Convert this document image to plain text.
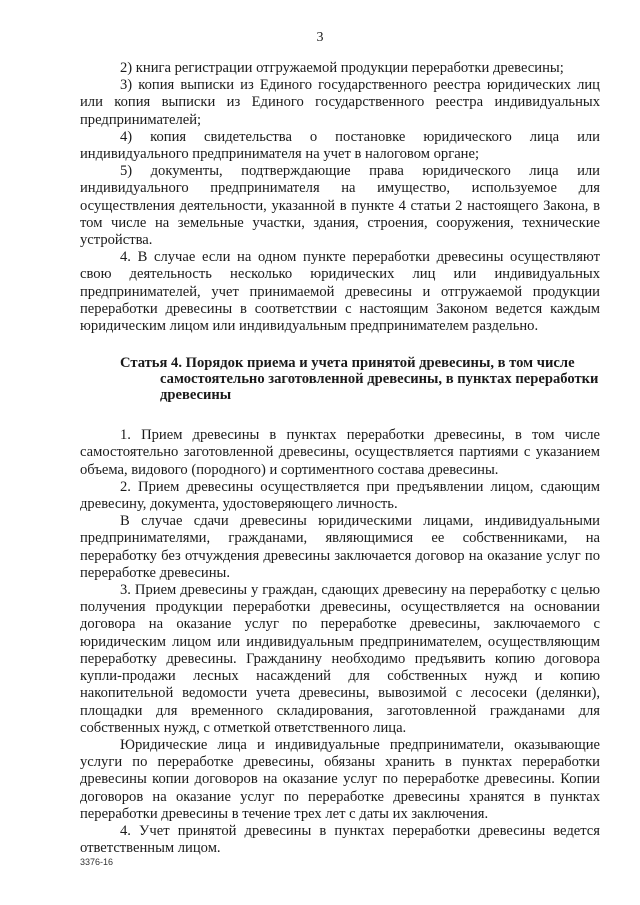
3

2) книга регистрации отгружаемой продукции переработки древесины;

3) копия выписки из Единого государственного реестра юридических лиц или копия выписки из Единого государственного реестра индивидуальных предпринимателей;

4) копия свидетельства о постановке юридического лица или индивидуального предпринимателя на учет в налоговом органе;

5) документы, подтверждающие права юридического лица или индивидуального предпринимателя на имущество, используемое для осуществления деятельности, указанной в пункте 4 статьи 2 настоящего Закона, в том числе на земельные участки, здания, строения, сооружения, технические устройства.

4. В случае если на одном пункте переработки древесины осуществляют свою деятельность несколько юридических лиц или индивидуальных предпринимателей, учет принимаемой древесины и отгружаемой продукции переработки древесины в соответствии с настоящим Законом ведется каждым юридическим лицом или индивидуальным предпринимателем раздельно.

Статья 4. Порядок приема и учета принятой древесины, в том числе
самостоятельно заготовленной древесины, в пунктах переработки древесины

1. Прием древесины в пунктах переработки древесины, в том числе самостоятельно заготовленной древесины, осуществляется партиями с указанием объема, видового (породного) и сортиментного состава древесины.

2. Прием древесины осуществляется при предъявлении лицом, сдающим древесину, документа, удостоверяющего личность.

В случае сдачи древесины юридическими лицами, индивидуальными предпринимателями, гражданами, являющимися ее собственниками, на переработку без отчуждения древесины заключается договор на оказание услуг по переработке древесины.

3. Прием древесины у граждан, сдающих древесину на переработку с целью получения продукции переработки древесины, осуществляется на основании договора на оказание услуг по переработке древесины, заключаемого с юридическим лицом или индивидуальным предпринимателем, осуществляющим переработку древесины. Гражданину необходимо предъявить копию договора купли-продажи лесных насаждений для собственных нужд и копию накопительной ведомости учета древесины, вывозимой с лесосеки (делянки), площадки для временного складирования, заготовленной гражданами для собственных нужд, с отметкой ответственного лица.

Юридические лица и индивидуальные предприниматели, оказывающие услуги по переработке древесины, обязаны хранить в пунктах переработки древесины копии договоров на оказание услуг по переработке древесины. Копии договоров на оказание услуг по переработке древесины хранятся в пунктах переработки древесины в течение трех лет с даты их заключения.

4. Учет принятой древесины в пунктах переработки древесины ведется ответственным лицом.

3376-16
